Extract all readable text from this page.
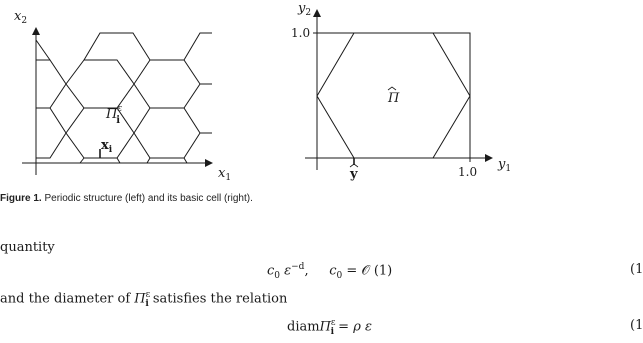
$x_2$
$x_1$
$\Pi^\varepsilon$ i
$x_i$
$y_2$
$y_1$
1.0
1.0
Π
y
Figure 1. Periodic structure (left) and its basic cell (right).
quantity
$c_0$ $\varepsilon^{-d}$, $c_0$ = 𝒪 (1)	(1
and the diameter of $\Pi^\varepsilon_i$ satisfies the relation
diamΠ$^\varepsilon_i$ = ρ ε	(1
